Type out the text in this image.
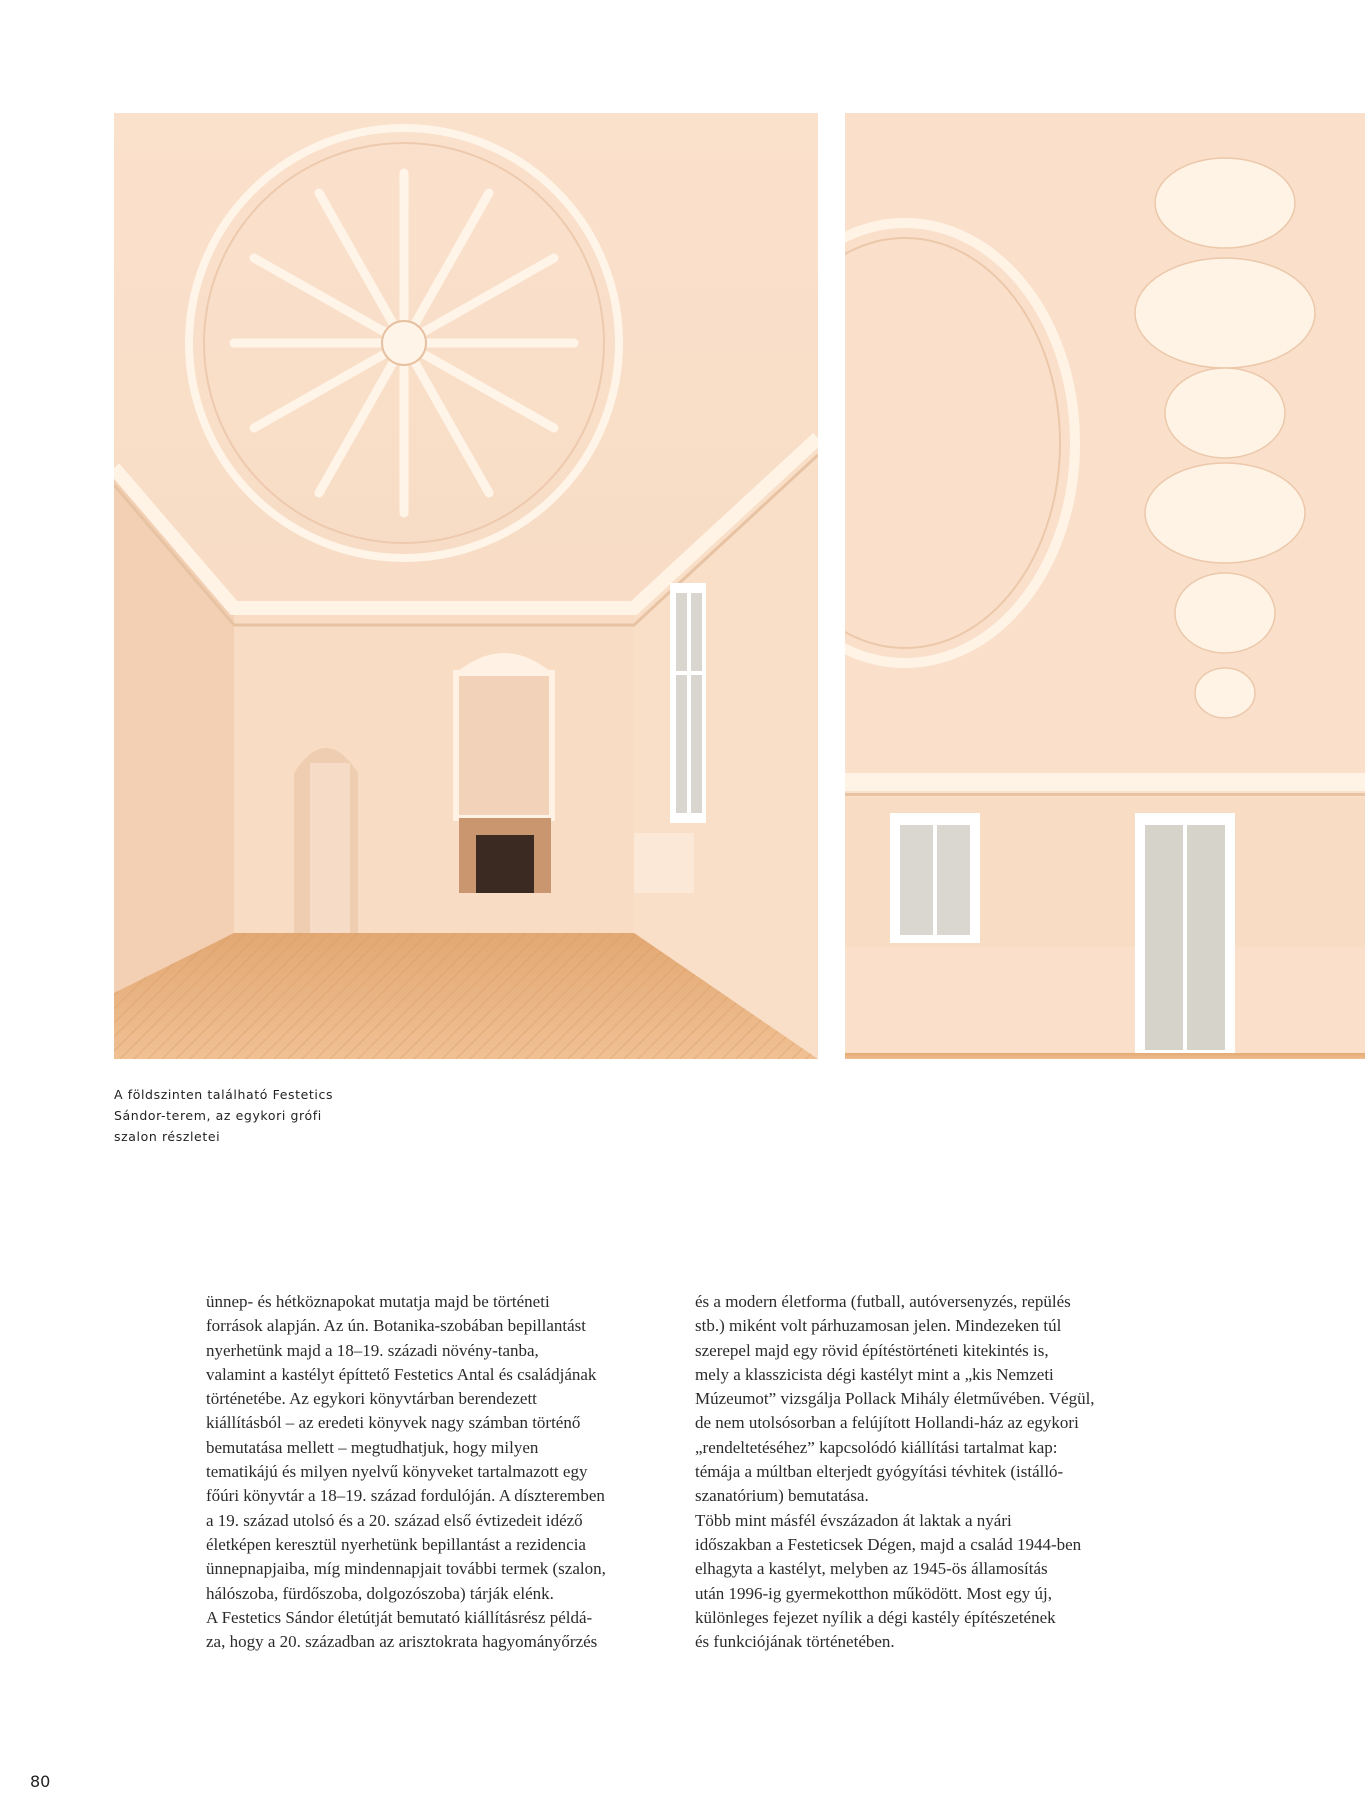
A földszinten található Festetics
Sándor-terem, az egykori grófi
szalon részletei
ünnep- és hétköznapokat mutatja majd be történeti
források alapján. Az ún. Botanika-szobában bepillantást
nyerhetünk majd a 18–19. századi növény-tanba,
valamint a kastélyt építtető Festetics Antal és családjának
történetébe. Az egykori könyvtárban berendezett
kiállításból – az eredeti könyvek nagy számban történő
bemutatása mellett – megtudhatjuk, hogy milyen
tematikájú és milyen nyelvű könyveket tartalmazott egy
főúri könyvtár a 18–19. század fordulóján. A díszteremben
a 19. század utolsó és a 20. század első évtizedeit idéző
életképen keresztül nyerhetünk bepillantást a rezidencia
ünnepnapjaiba, míg mindennapjait további termek (szalon,
hálószoba, fürdőszoba, dolgozószoba) tárják elénk.
A Festetics Sándor életútját bemutató kiállításrész példá-
za, hogy a 20. században az arisztokrata hagyományőrzés
és a modern életforma (futball, autóversenyzés, repülés
stb.) miként volt párhuzamosan jelen. Mindezeken túl
szerepel majd egy rövid építéstörténeti kitekintés is,
mely a klasszicista dégi kastélyt mint a „kis Nemzeti
Múzeumot” vizsgálja Pollack Mihály életművében. Végül,
de nem utolsósorban a felújított Hollandi-ház az egykori
„rendeltetéséhez” kapcsolódó kiállítási tartalmat kap:
témája a múltban elterjedt gyógyítási tévhitek (istálló-
szanatórium) bemutatása.
Több mint másfél évszázadon át laktak a nyári
időszakban a Festeticsek Dégen, majd a család 1944-ben
elhagyta a kastélyt, melyben az 1945-ös államosítás
után 1996-ig gyermekotthon működött. Most egy új,
különleges fejezet nyílik a dégi kastély építészetének
és funkciójának történetében.
80
